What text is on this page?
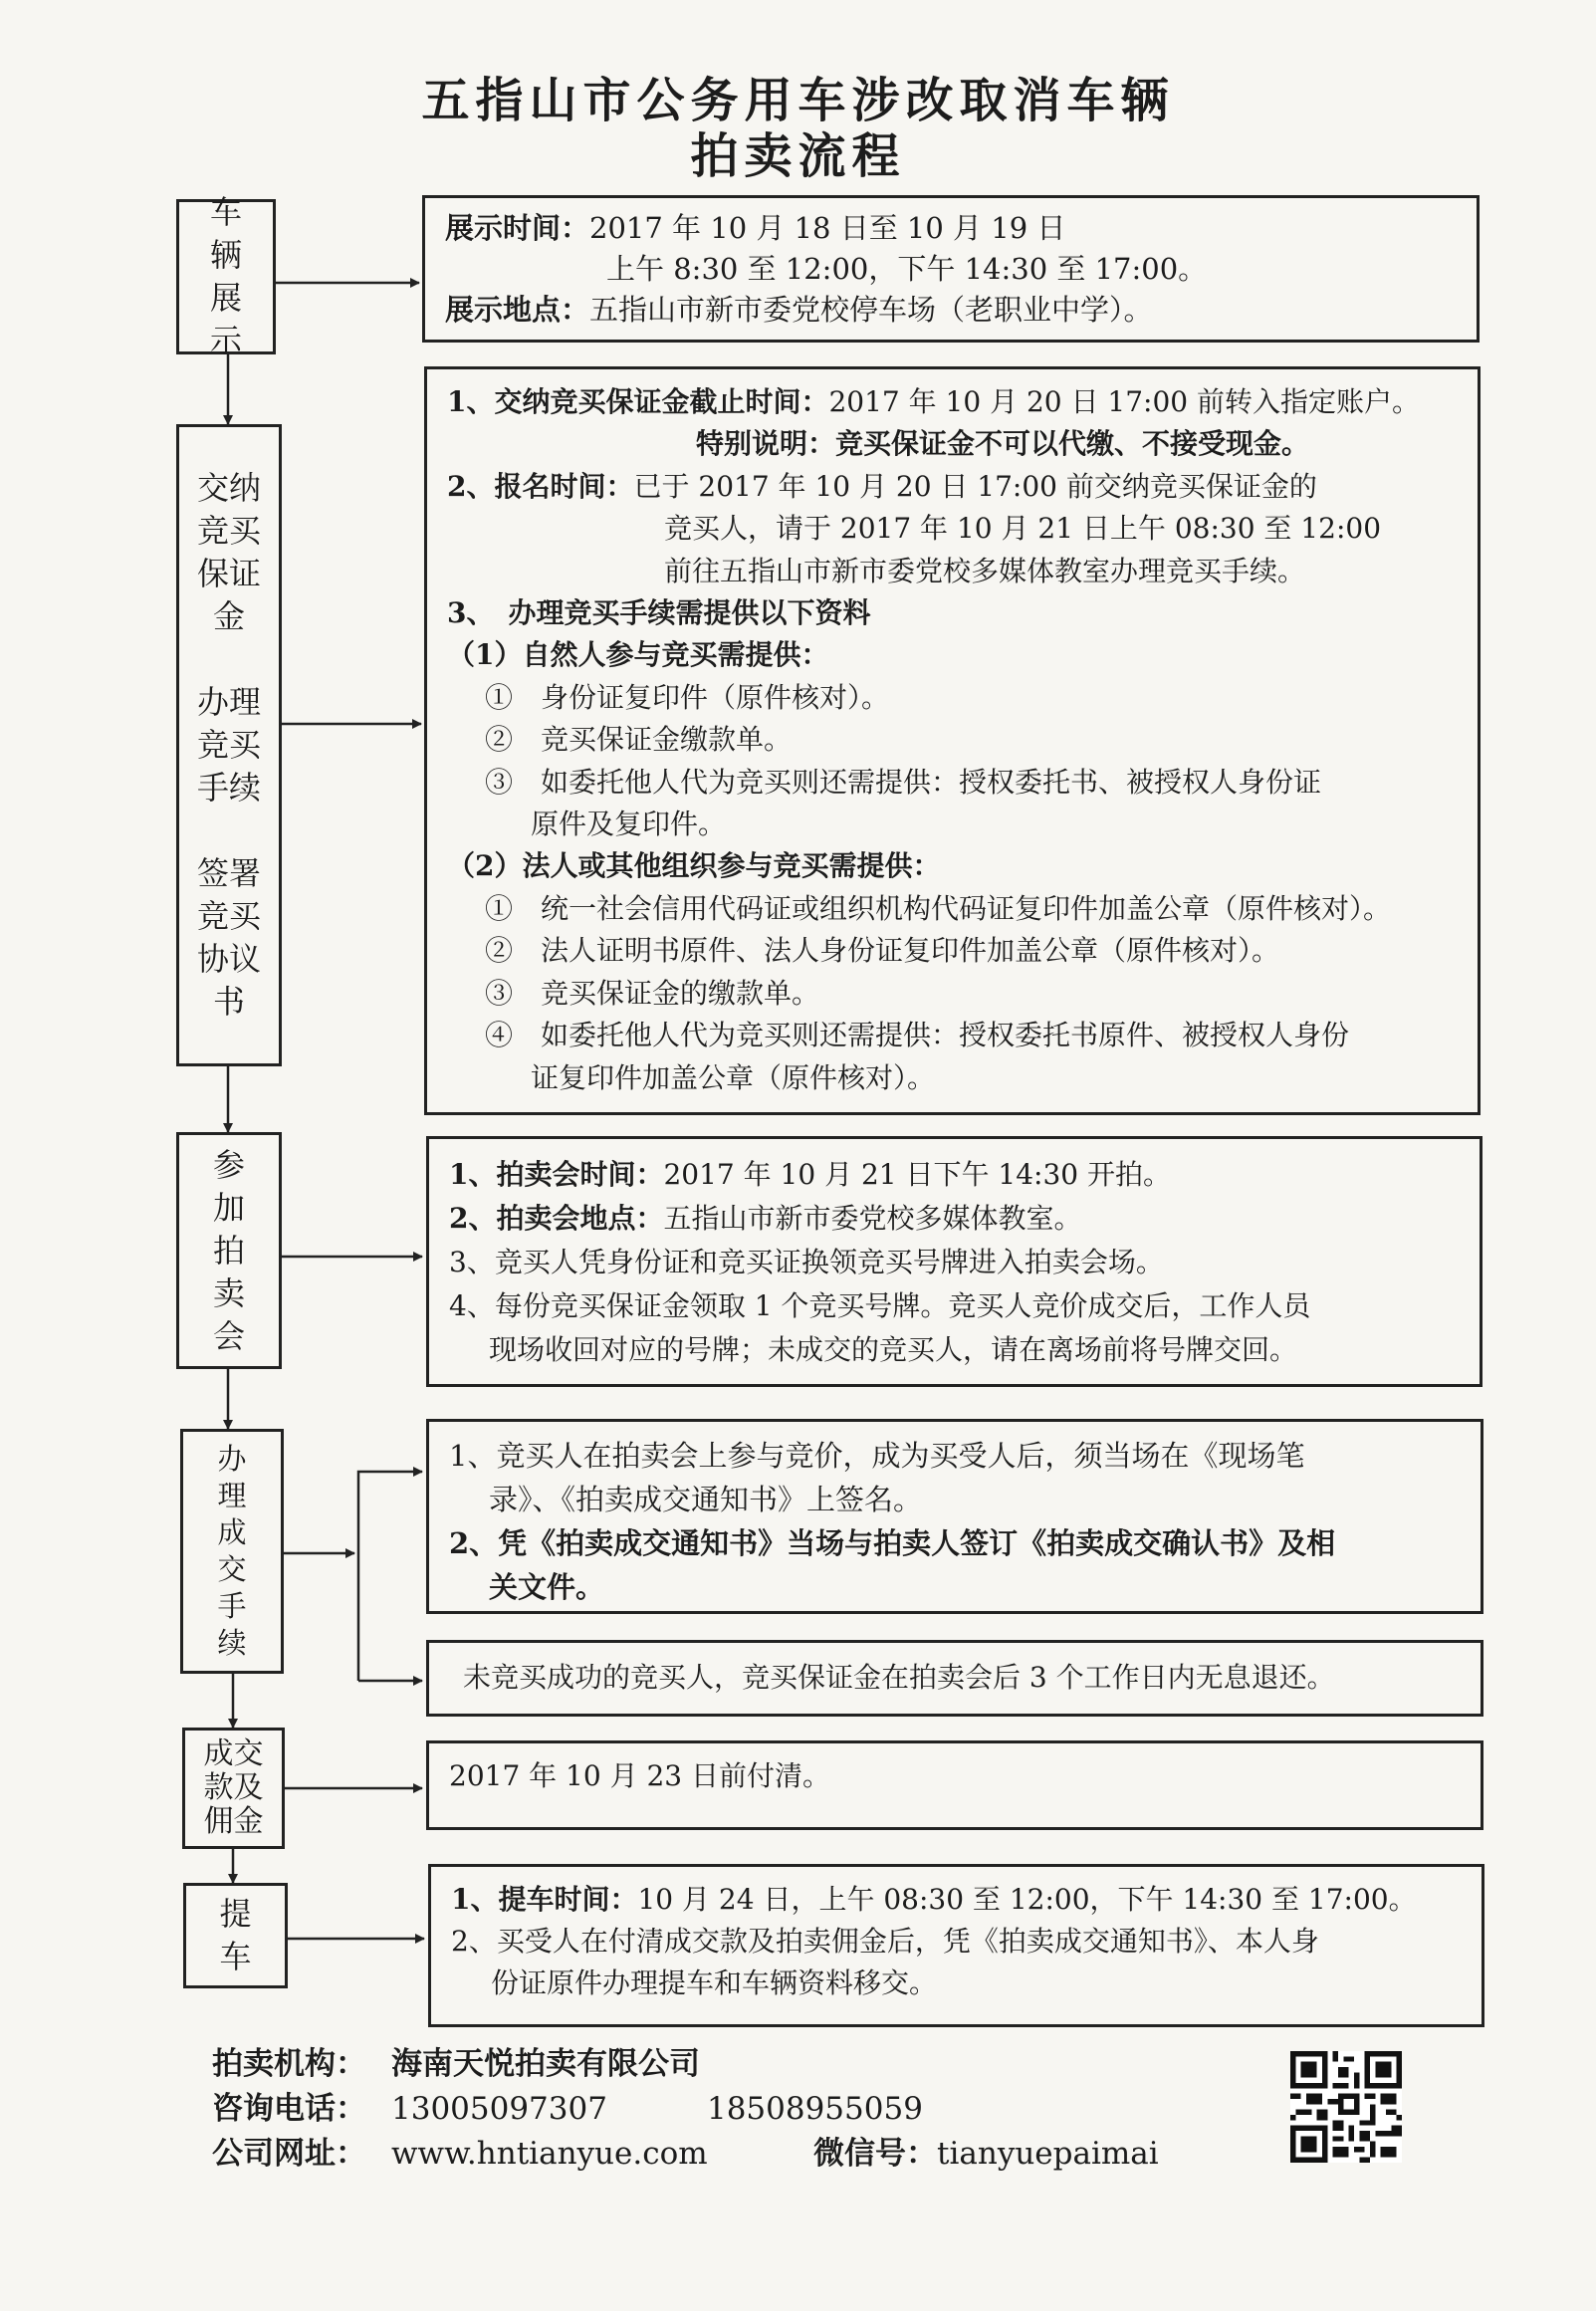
五指山市公务用车涉改取消车辆
拍卖流程
车
辆
展
示
交纳
竞买
保证
金

办理
竞买
手续

签署
竞买
协议
书
参
加
拍
卖
会
办
理
成
交
手
续
成交
款及
佣金
提
车
展示时间：2017 年 10 月 18 日至 10 月 19 日
上午 8:30 至 12:00，下午 14:30 至 17:00。
展示地点：五指山市新市委党校停车场（老职业中学）。
1、交纳竞买保证金截止时间：2017 年 10 月 20 日 17:00 前转入指定账户。
特别说明：竞买保证金不可以代缴、不接受现金。
2、报名时间：已于 2017 年 10 月 20 日 17:00 前交纳竞买保证金的
竞买人，请于 2017 年 10 月 21 日上午 08:30 至 12:00
前往五指山市新市委党校多媒体教室办理竞买手续。
3、　办理竞买手续需提供以下资料
（1）自然人参与竞买需提供：
①　身份证复印件（原件核对）。
②　竞买保证金缴款单。
③　如委托他人代为竞买则还需提供：授权委托书、被授权人身份证
原件及复印件。
（2）法人或其他组织参与竞买需提供：
①　统一社会信用代码证或组织机构代码证复印件加盖公章（原件核对）。
②　法人证明书原件、法人身份证复印件加盖公章（原件核对）。
③　竞买保证金的缴款单。
④　如委托他人代为竞买则还需提供：授权委托书原件、被授权人身份
证复印件加盖公章（原件核对）。
1、拍卖会时间：2017 年 10 月 21 日下午 14:30 开拍。
2、拍卖会地点：五指山市新市委党校多媒体教室。
3、竞买人凭身份证和竞买证换领竞买号牌进入拍卖会场。
4、每份竞买保证金领取 1 个竞买号牌。竞买人竞价成交后，工作人员
现场收回对应的号牌；未成交的竞买人，请在离场前将号牌交回。
1、竞买人在拍卖会上参与竞价，成为买受人后，须当场在《现场笔
录》、《拍卖成交通知书》上签名。
2、凭《拍卖成交通知书》当场与拍卖人签订《拍卖成交确认书》及相
关文件。
未竞买成功的竞买人，竞买保证金在拍卖会后 3 个工作日内无息退还。
2017 年 10 月 23 日前付清。
1、提车时间：10 月 24 日，上午 08:30 至 12:00，下午 14:30 至 17:00。
2、买受人在付清成交款及拍卖佣金后，凭《拍卖成交通知书》、本人身
份证原件办理提车和车辆资料移交。
拍卖机构： 海南天悦拍卖有限公司
咨询电话： 13005097307	18508955059
公司网址： www.hntianyue.com	微信号：tianyuepaimai
